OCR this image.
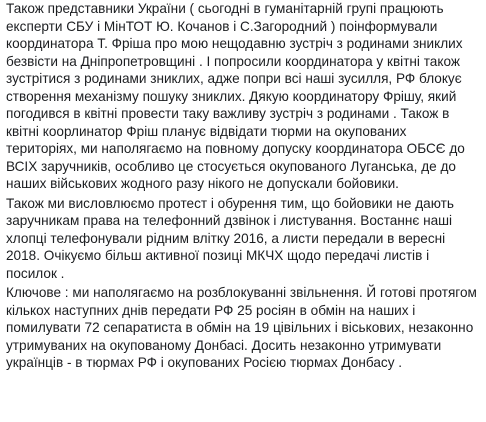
Також представники України ( сьогодні в гуманітарній групі працюють експерти СБУ і МінТОТ Ю. Кочанов і С.Загородний ) поінформували координатора Т. Фріша про мою нещодавню зустріч з родинами зниклих безвісти на Дніпропетровщині . І попросили координатора у квітні також зустрітися з родинами зниклих, адже попри всі наші зусилля, РФ блокує створення механізму пошуку зниклих. Дякую координатору Фрішу, який погодився в квітні провести таку важливу зустріч з родинами . Також в квітні коорлинатор Фріш планує відвідати тюрми на окупованих територіях, ми наполягаємо на повному допуску координатора ОБСЄ до ВСІХ заручників, особливо це стосується окупованого Луганська, де до наших військових жодного разу нікого не допускали бойовики.

Також ми висловлюємо протест і обурення тим, що бойовики не дають заручникам права на телефонний дзвінок і листування. Востаннє наші хлопці телефонували рідним влітку 2016, а листи передали в вересні 2018. Очікуємо більш активної позиці МКЧХ щодо передачі листів і посилок .

Ключове : ми наполягаємо на розблокуванні звільнення. Й готові протягом кількох наступних днів передати РФ 25 росіян в обмін на наших і помилувати 72 сепаратиста в обмін на 19 цівільних і віськових, незаконно утримуваних на окупованому Донбасі. Досить незаконно утримувати українців - в тюрмах РФ і окупованих Росією тюрмах Донбасу .
